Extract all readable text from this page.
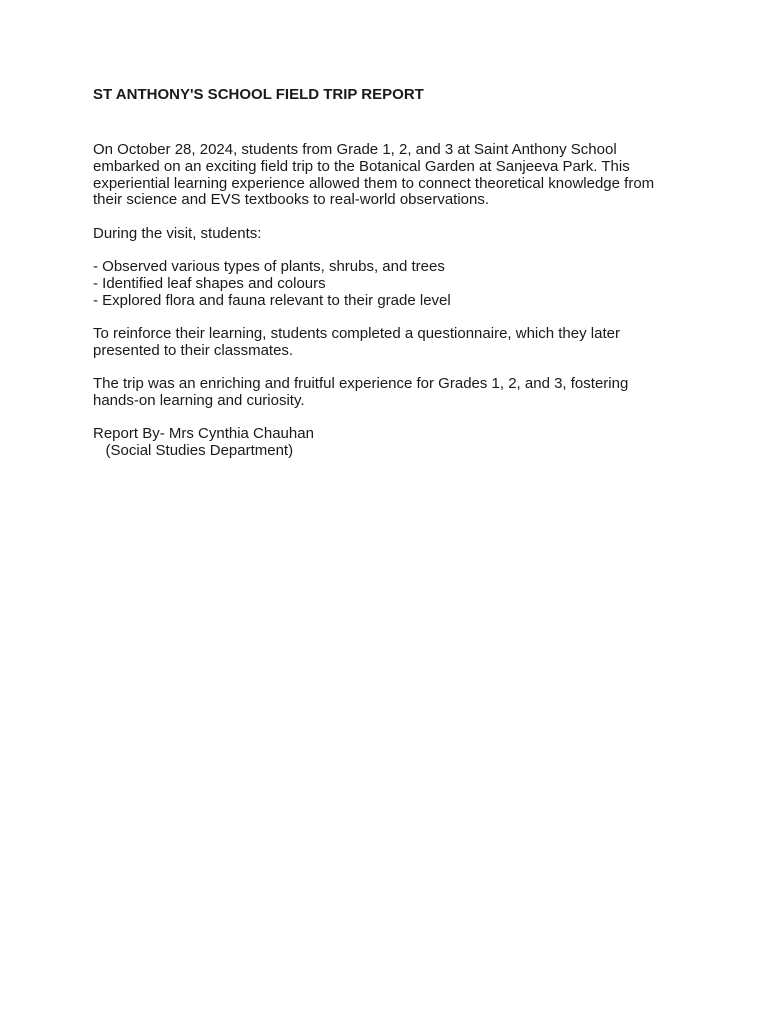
ST ANTHONY'S SCHOOL FIELD TRIP REPORT
On October 28, 2024, students from Grade 1, 2, and 3 at Saint Anthony School
embarked on an exciting field trip to the Botanical Garden at Sanjeeva Park. This
experiential learning experience allowed them to connect theoretical knowledge from
their science and EVS textbooks to real-world observations.
During the visit, students:
- Observed various types of plants, shrubs, and trees
- Identified leaf shapes and colours
- Explored flora and fauna relevant to their grade level
To reinforce their learning, students completed a questionnaire, which they later
presented to their classmates.
The trip was an enriching and fruitful experience for Grades 1, 2, and 3, fostering
hands-on learning and curiosity.
Report By- Mrs Cynthia Chauhan
(Social Studies Department)
